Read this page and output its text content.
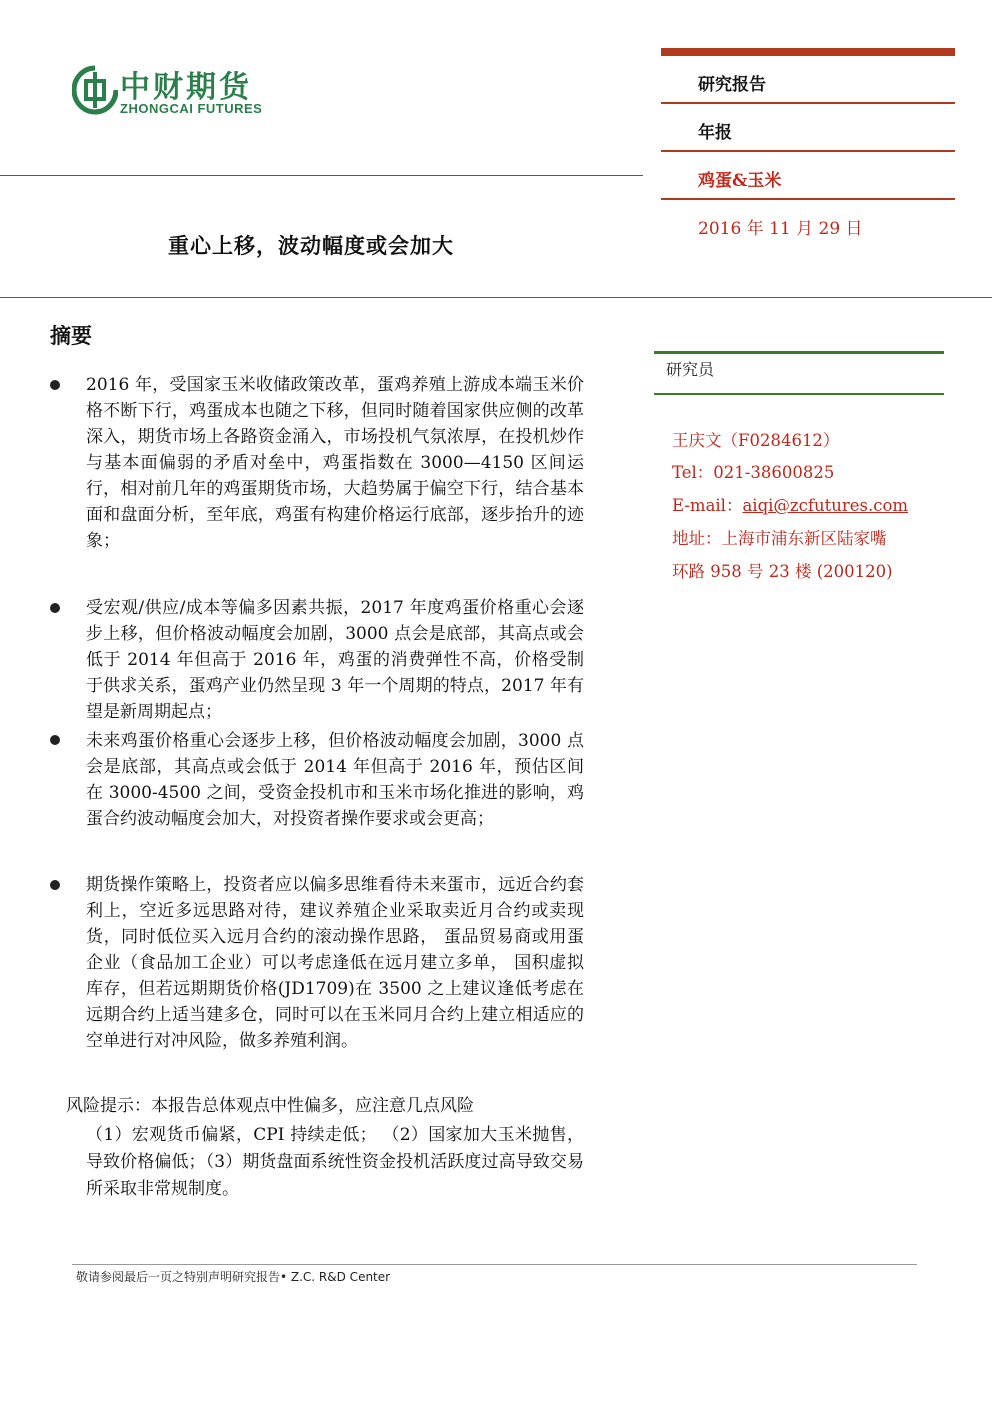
中财期货
ZHONGCAI FUTURES
研究报告
年报
鸡蛋&玉米
2016 年 11 月 29 日
重心上移，波动幅度或会加大
摘要
2016 年，受国家玉米收储政策改革，蛋鸡养殖上游成本端玉米价格不断下行，鸡蛋成本也随之下移，但同时随着国家供应侧的改革深入，期货市场上各路资金涌入，市场投机气氛浓厚，在投机炒作与基本面偏弱的矛盾对垒中，鸡蛋指数在 3000—4150 区间运行，相对前几年的鸡蛋期货市场，大趋势属于偏空下行，结合基本面和盘面分析，至年底，鸡蛋有构建价格运行底部，逐步抬升的迹象；
受宏观/供应/成本等偏多因素共振，2017 年度鸡蛋价格重心会逐步上移，但价格波动幅度会加剧，3000 点会是底部，其高点或会低于 2014 年但高于 2016 年，鸡蛋的消费弹性不高，价格受制于供求关系，蛋鸡产业仍然呈现 3 年一个周期的特点，2017 年有望是新周期起点；
未来鸡蛋价格重心会逐步上移，但价格波动幅度会加剧，3000 点会是底部，其高点或会低于 2014 年但高于 2016 年，预估区间在 3000-4500 之间，受资金投机市和玉米市场化推进的影响，鸡蛋合约波动幅度会加大，对投资者操作要求或会更高；
期货操作策略上，投资者应以偏多思维看待未来蛋市，远近合约套利上，空近多远思路对待，建议养殖企业采取卖近月合约或卖现货，同时低位买入远月合约的滚动操作思路， 蛋品贸易商或用蛋企业（食品加工企业）可以考虑逢低在远月建立多单， 国积虚拟库存，但若远期期货价格(JD1709)在 3500 之上建议逢低考虑在远期合约上适当建多仓，同时可以在玉米同月合约上建立相适应的空单进行对冲风险，做多养殖利润。
风险提示：本报告总体观点中性偏多，应注意几点风险
（1）宏观货币偏紧，CPI 持续走低； （2）国家加大玉米抛售，导致价格偏低；（3）期货盘面系统性资金投机活跃度过高导致交易所采取非常规制度。
研究员
王庆文（F0284612）
Tel：021-38600825
E-mail：aiqi@zcfutures.com
地址：上海市浦东新区陆家嘴
环路 958 号 23 楼 (200120)
敬请参阅最后一页之特别声明研究报告• Z.C. R&D Center
